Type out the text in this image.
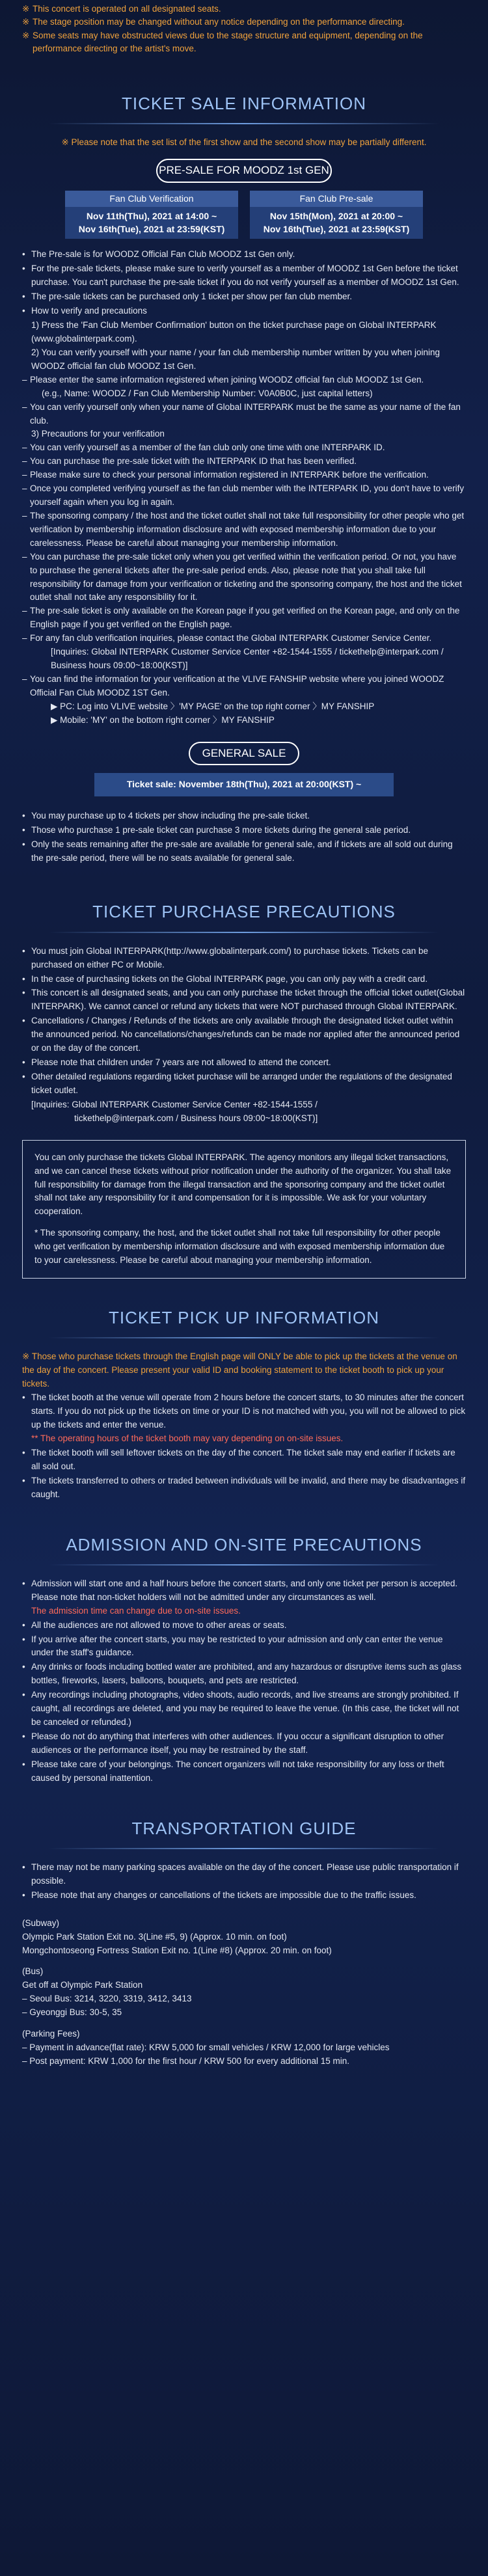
※ This concert is operated on all designated seats.
※ The stage position may be changed without any notice depending on the performance directing.
※ Some seats may have obstructed views due to the stage structure and equipment, depending on the performance directing or the artist's move.
TICKET SALE INFORMATION
※ Please note that the set list of the first show and the second show may be partially different.
PRE-SALE FOR MOODZ 1st GEN
Fan Club Verification
Nov 11th(Thu), 2021 at 14:00 ~
Nov 16th(Tue), 2021 at 23:59(KST)
Fan Club Pre-sale
Nov 15th(Mon), 2021 at 20:00 ~
Nov 16th(Tue), 2021 at 23:59(KST)
• The Pre-sale is for WOODZ Official Fan Club MOODZ 1st Gen only.
• For the pre-sale tickets, please make sure to verify yourself as a member of MOODZ 1st Gen before the ticket purchase. You can't purchase the pre-sale ticket if you do not verify yourself as a member of MOODZ 1st Gen.
• The pre-sale tickets can be purchased only 1 ticket per show per fan club member.
• How to verify and precautions
1) Press the 'Fan Club Member Confirmation' button on the ticket purchase page on Global INTERPARK (www.globalinterpark.com).
2) You can verify yourself with your name / your fan club membership number written by you when joining WOODZ official fan club MOODZ 1st Gen.
– Please enter the same information registered when joining WOODZ official fan club MOODZ 1st Gen.
(e.g., Name: WOODZ / Fan Club Membership Number: V0A0B0C, just capital letters)
– You can verify yourself only when your name of Global INTERPARK must be the same as your name of the fan club.
3) Precautions for your verification
– You can verify yourself as a member of the fan club only one time with one INTERPARK ID.
– You can purchase the pre-sale ticket with the INTERPARK ID that has been verified.
– Please make sure to check your personal information registered in INTERPARK before the verification.
– Once you completed verifying yourself as the fan club member with the INTERPARK ID, you don't have to verify yourself again when you log in again.
– The sponsoring company / the host and the ticket outlet shall not take full responsibility for other people who get verification by membership information disclosure and with exposed membership information due to your carelessness. Please be careful about managing your membership information.
– You can purchase the pre-sale ticket only when you get verified within the verification period. Or not, you have to purchase the general tickets after the pre-sale period ends. Also, please note that you shall take full responsibility for damage from your verification or ticketing and the sponsoring company, the host and the ticket outlet shall not take any responsibility for it.
– The pre-sale ticket is only available on the Korean page if you get verified on the Korean page, and only on the English page if you get verified on the English page.
– For any fan club verification inquiries, please contact the Global INTERPARK Customer Service Center.
[Inquiries: Global INTERPARK Customer Service Center +82-1544-1555 / tickethelp@interpark.com / Business hours 09:00~18:00(KST)]
– You can find the information for your verification at the VLIVE FANSHIP website where you joined WOODZ Official Fan Club MOODZ 1ST Gen.
▶ PC: Log into VLIVE website 〉'MY PAGE' on the top right corner 〉MY FANSHIP
▶ Mobile: 'MY' on the bottom right corner 〉MY FANSHIP
GENERAL SALE
Ticket sale: November 18th(Thu), 2021 at 20:00(KST) ~
• You may purchase up to 4 tickets per show including the pre-sale ticket.
• Those who purchase 1 pre-sale ticket can purchase 3 more tickets during the general sale period.
• Only the seats remaining after the pre-sale are available for general sale, and if tickets are all sold out during the pre-sale period, there will be no seats available for general sale.
TICKET PURCHASE PRECAUTIONS
• You must join Global INTERPARK(http://www.globalinterpark.com/) to purchase tickets. Tickets can be purchased on either PC or Mobile.
• In the case of purchasing tickets on the Global INTERPARK page, you can only pay with a credit card.
• This concert is all designated seats, and you can only purchase the ticket through the official ticket outlet(Global INTERPARK). We cannot cancel or refund any tickets that were NOT purchased through Global INTERPARK.
• Cancellations / Changes / Refunds of the tickets are only available through the designated ticket outlet within the announced period. No cancellations/changes/refunds can be made nor applied after the announced period or on the day of the concert.
• Please note that children under 7 years are not allowed to attend the concert.
• Other detailed regulations regarding ticket purchase will be arranged under the regulations of the designated ticket outlet.
[Inquiries: Global INTERPARK Customer Service Center +82-1544-1555 /
tickethelp@interpark.com / Business hours 09:00~18:00(KST)]

You can only purchase the tickets Global INTERPARK. The agency monitors any illegal ticket transactions, and we can cancel these tickets without prior notification under the authority of the organizer. You shall take full responsibility for damage from the illegal transaction and the sponsoring company and the ticket outlet shall not take any responsibility for it and compensation for it is impossible. We ask for your voluntary cooperation.

* The sponsoring company, the host, and the ticket outlet shall not take full responsibility for other people who get verification by membership information disclosure and with exposed membership information due to your carelessness. Please be careful about managing your membership information.

TICKET PICK UP INFORMATION
※ Those who purchase tickets through the English page will ONLY be able to pick up the tickets at the venue on the day of the concert. Please present your valid ID and booking statement to the ticket booth to pick up your tickets.
• The ticket booth at the venue will operate from 2 hours before the concert starts, to 30 minutes after the concert starts. If you do not pick up the tickets on time or your ID is not matched with you, you will not be allowed to pick up the tickets and enter the venue.
** The operating hours of the ticket booth may vary depending on on-site issues.
• The ticket booth will sell leftover tickets on the day of the concert. The ticket sale may end earlier if tickets are all sold out.
• The tickets transferred to others or traded between individuals will be invalid, and there may be disadvantages if caught.
ADMISSION AND ON-SITE PRECAUTIONS
• Admission will start one and a half hours before the concert starts, and only one ticket per person is accepted. Please note that non-ticket holders will not be admitted under any circumstances as well.
The admission time can change due to on-site issues.
• All the audiences are not allowed to move to other areas or seats.
• If you arrive after the concert starts, you may be restricted to your admission and only can enter the venue under the staff's guidance.
• Any drinks or foods including bottled water are prohibited, and any hazardous or disruptive items such as glass bottles, fireworks, lasers, balloons, bouquets, and pets are restricted.
• Any recordings including photographs, video shoots, audio records, and live streams are strongly prohibited. If caught, all recordings are deleted, and you may be required to leave the venue. (In this case, the ticket will not be canceled or refunded.)
• Please do not do anything that interferes with other audiences. If you occur a significant disruption to other audiences or the performance itself, you may be restrained by the staff.
• Please take care of your belongings. The concert organizers will not take responsibility for any loss or theft caused by personal inattention.
TRANSPORTATION GUIDE
• There may not be many parking spaces available on the day of the concert. Please use public transportation if possible.
• Please note that any changes or cancellations of the tickets are impossible due to the traffic issues.
(Subway)
Olympic Park Station Exit no. 3(Line #5, 9) (Approx. 10 min. on foot)
Mongchontoseong Fortress Station Exit no. 1(Line #8) (Approx. 20 min. on foot)
(Bus)
Get off at Olympic Park Station
– Seoul Bus: 3214, 3220, 3319, 3412, 3413
– Gyeonggi Bus: 30-5, 35
(Parking Fees)
– Payment in advance(flat rate): KRW 5,000 for small vehicles / KRW 12,000 for large vehicles
– Post payment: KRW 1,000 for the first hour / KRW 500 for every additional 15 min.
